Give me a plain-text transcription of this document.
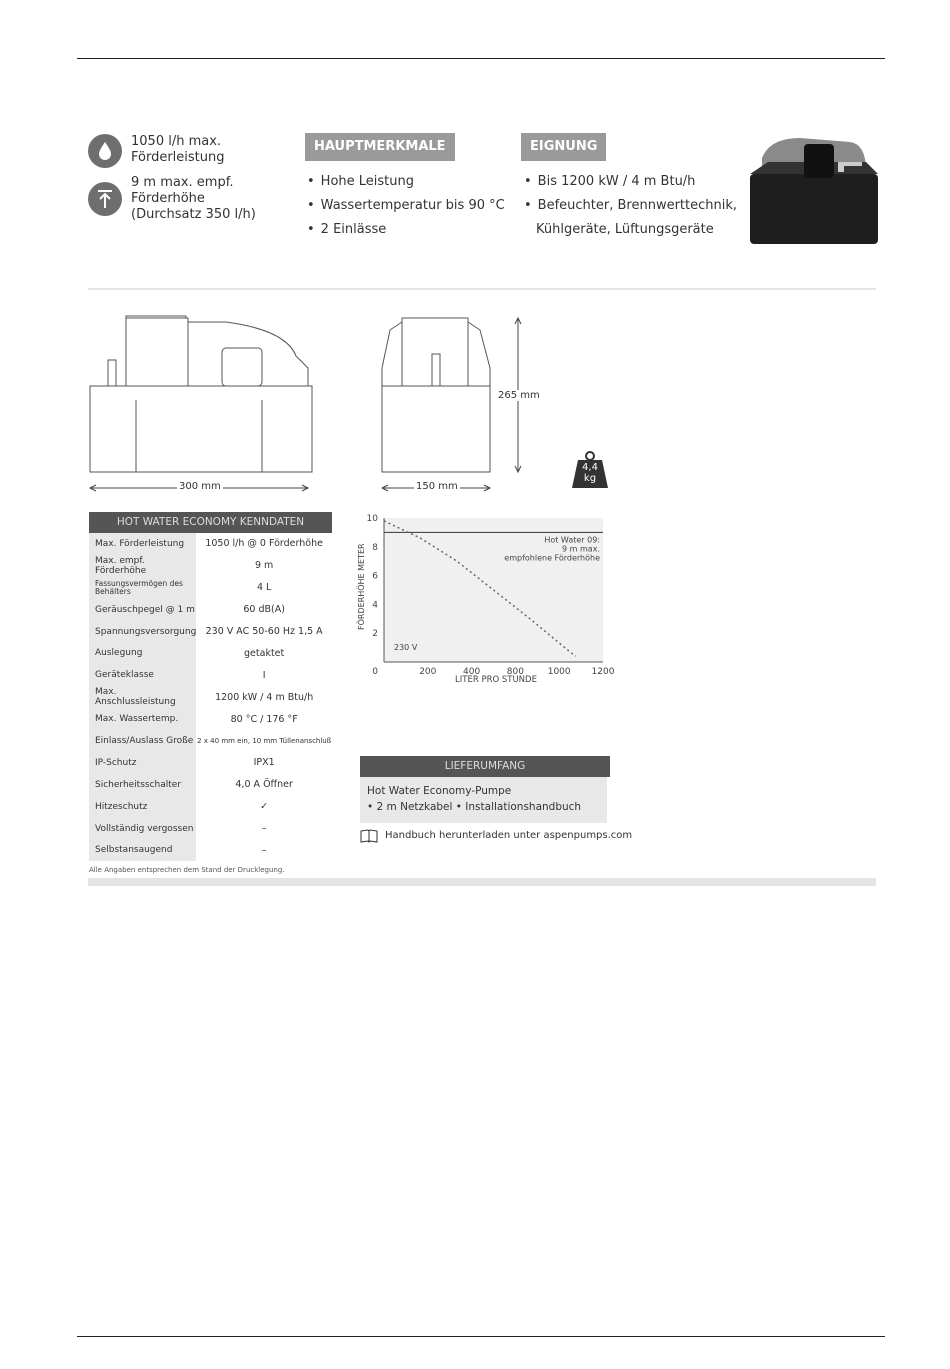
1050 l/h max.
Förderleistung
9 m max. empf.
Förderhöhe
(Durchsatz 350 l/h)
HAUPTMERKMALE
• Hohe Leistung
• Wassertemperatur bis 90 °C
• 2 Einlässe
EIGNUNG
• Bis 1200 kW / 4 m Btu/h
• Befeuchter, Brennwerttechnik,
Kühlgeräte, Lüftungsgeräte
300 mm	150 mm
265 mm
4,4
kg
HOT WATER ECONOMY KENNDATEN
Max. Förderleistung	1050 l/h @ 0 Förderhöhe
Max. empf. Förderhöhe	9 m
Fassungsvermögen des Behälters	4 L
Geräuschpegel @ 1 m	60 dB(A)
Spannungsversorgung	230 V AC 50-60 Hz 1,5 A
Auslegung	getaktet
Geräteklasse	I
Max. Anschlussleistung	1200 kW / 4 m Btu/h
Max. Wassertemp.	80 °C / 176 °F
Einlass/Auslass Große	2 x 40 mm ein, 10 mm Tüllenanschluß
IP-Schutz	IPX1
Sicherheitsschalter	4,0 A Öffner
Hitzeschutz	✓
Vollständig vergossen	–
Selbstansaugend	–
Alle Angaben entsprechen dem Stand der Drucklegung.
10
8
6
4
2
0	200	400	800	1000 1200
Hot Water 09:
9 m max.
empfohlene Förderhöhe
230 V
FÖRDERHÖHE METER
LITER PRO STUNDE
LIEFERUMFANG
Hot Water Economy-Pumpe
• 2 m Netzkabel • Installationshandbuch
Handbuch herunterladen unter aspenpumps.com
